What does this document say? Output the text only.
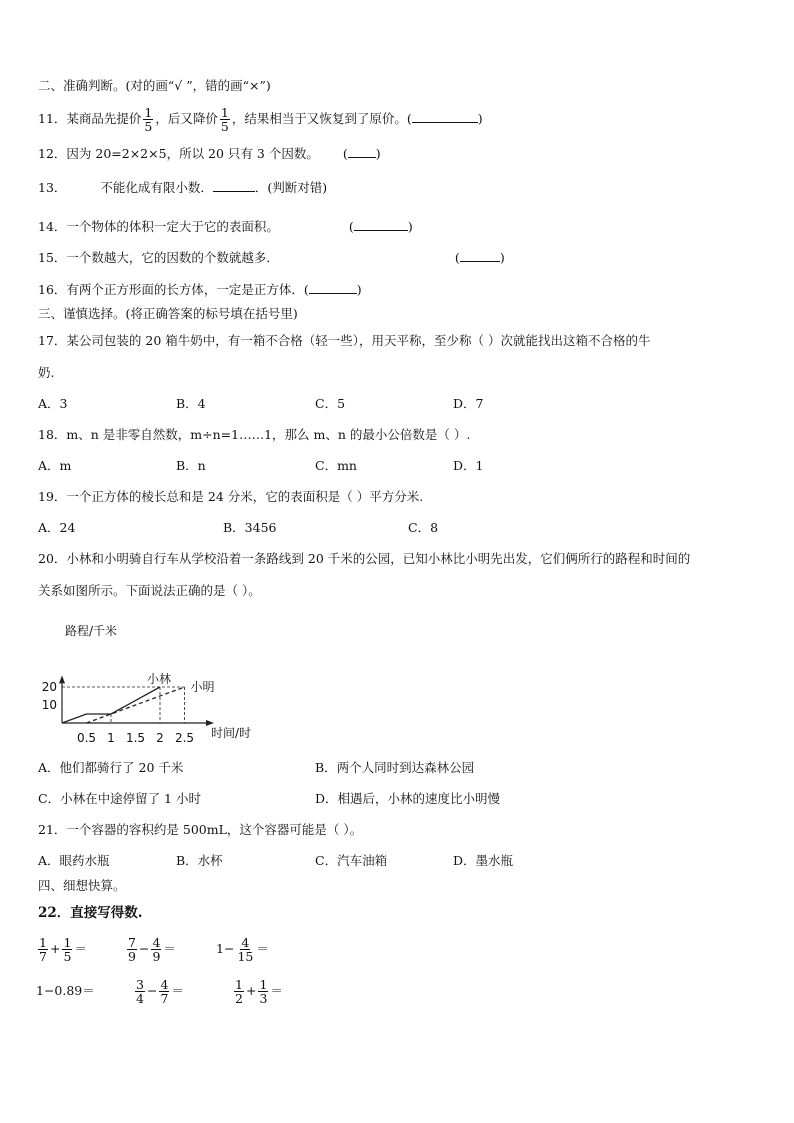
二、准确判断。(对的画“√ ”，错的画“×”)
11．某商品先提价 $\frac{1}{5}$ ，后又降价 $\frac{1}{5}$ ，结果相当于又恢复到了原价。(	)
12．因为 20=2×2×5，所以 20 只有 3 个因数。 ( )
13．	不能化成有限小数．	．(判断对错)
14．一个物体的体积一定大于它的表面积。	(	)
15．一个数越大，它的因数的个数就越多．	(	)
16．有两个正方形面的长方体，一定是正方体．(	)
三、谨慎选择。(将正确答案的标号填在括号里)
17．某公司包装的 20 箱牛奶中，有一箱不合格（轻一些），用天平称，至少称（ ）次就能找出这箱不合格的牛
奶.
A．3	B．4	C．5	D．7
18．m、n 是非零自然数，m÷n=1……1，那么 m、n 的最小公倍数是（ ）.
A．m	B．n	C．mn	D．1
19．一个正方体的棱长总和是 24 分米，它的表面积是（ ）平方分米.
A．24	B．3456	C．8
20．小林和小明骑自行车从学校沿着一条路线到 20 千米的公园，已知小林比小明先出发，它们俩所行的路程和时间的
关系如图所示。下面说法正确的是（ ）。
路程/千米
时间/时
0.5 1 1.5 2 2.5
10
20
小林
小明
A．他们都骑行了 20 千米	B．两个人同时到达森林公园
C．小林在中途停留了 1 小时	D．相遇后，小林的速度比小明慢
21．一个容器的容积约是 500mL，这个容器可能是（ ）。
A．眼药水瓶	B．水杯	C．汽车油箱	D．墨水瓶
四、细想快算。
22．直接写得数.
$\frac{1}{7} + \frac{1}{5}$ ＝	$\frac{7}{9} - \frac{4}{9}$ ＝	$1- \frac{4}{15}$ ＝
1−0.89＝	$\frac{3}{4} - \frac{4}{7}$ ＝	$\frac{1}{2} + \frac{1}{3}$ ＝
